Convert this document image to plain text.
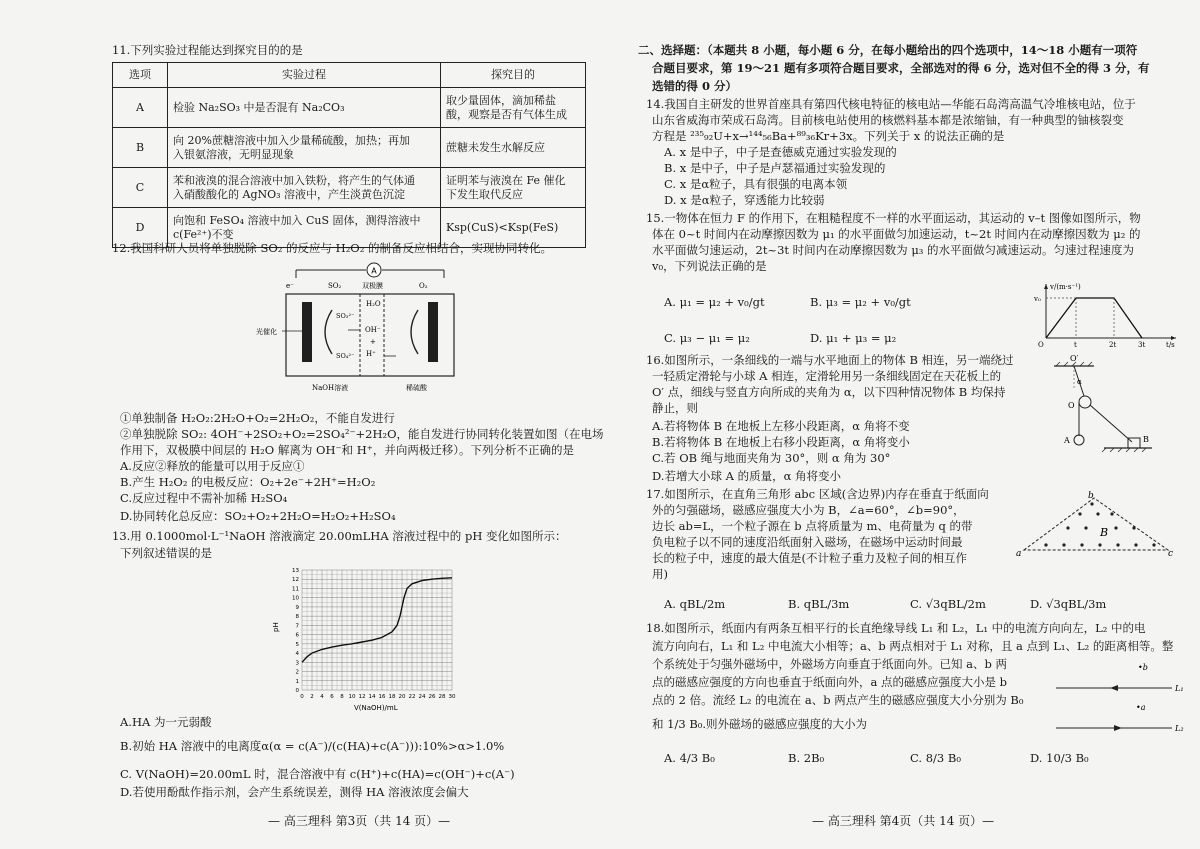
11.下列实验过程能达到探究目的的是
选项	实验过程	探究目的
A	检验 Na₂SO₃ 中是否混有 Na₂CO₃	取少量固体，滴加稀盐
酸，观察是否有气体生成
B	向 20%蔗糖溶液中加入少量稀硫酸，加热；再加
入银氨溶液，无明显现象	蔗糖未发生水解反应
C	苯和液溴的混合溶液中加入铁粉，将产生的气体通
入硝酸酸化的 AgNO₃ 溶液中，产生淡黄色沉淀	证明苯与液溴在 Fe 催化
下发生取代反应
D	向饱和 FeSO₄ 溶液中加入 CuS 固体，测得溶液中
c(Fe²⁺)不变	Ksp(CuS)<Ksp(FeS)
12.我国科研人员将单独脱除 SO₂ 的反应与 H₂O₂ 的制备反应相结合，实现协同转化。
A
e⁻	SO₂	O₂
双极膜
SO₃²⁻
SO₄²⁻
H₂O
OH⁻
+
H⁺
光催化
NaOH溶液	稀硫酸
①单独制备 H₂O₂:2H₂O+O₂=2H₂O₂，不能自发进行
②单独脱除 SO₂: 4OH⁻+2SO₂+O₂=2SO₄²⁻+2H₂O，能自发进行协同转化装置如图（在电场
作用下，双极膜中间层的 H₂O 解离为 OH⁻和 H⁺，并向两极迁移）。下列分析不正确的是
A.反应②释放的能量可以用于反应①
B.产生 H₂O₂ 的电极反应：O₂+2e⁻+2H⁺=H₂O₂
C.反应过程中不需补加稀 H₂SO₄
D.协同转化总反应：SO₂+O₂+2H₂O=H₂O₂+H₂SO₄
13.用 0.1000mol·L⁻¹NaOH 溶液滴定 20.00mLHA 溶液过程中的 pH 变化如图所示：
下列叙述错误的是
0 2 4 6 8 10 12 14 16 18 20 22 24 26 28 30
0
1
2
3
4
5
6
7
8
9
10
11
12
13
pH
V(NaOH)/mL
A.HA 为一元弱酸
B.初始 HA 溶液中的电离度α(α = c(A⁻)/(c(HA)+c(A⁻))):10%>α>1.0%
C. V(NaOH)=20.00mL 时，混合溶液中有 c(H⁺)+c(HA)=c(OH⁻)+c(A⁻)
D.若使用酚酞作指示剂，会产生系统误差，测得 HA 溶液浓度会偏大
— 高三理科 第3页（共 14 页）—
二、选择题：（本题共 8 小题，每小题 6 分，在每小题给出的四个选项中，14～18 小题有一项符
合题目要求，第 19～21 题有多项符合题目要求，全部选对的得 6 分，选对但不全的得 3 分，有
选错的得 0 分）
14.我国自主研发的世界首座具有第四代核电特征的核电站—华能石岛湾高温气冷堆核电站，位于
山东省威海市荣成石岛湾。目前核电站使用的核燃料基本都是浓缩铀，有一种典型的铀核裂变
方程是 ²³⁵₉₂U+x→¹⁴⁴₅₆Ba+⁸⁹₃₆Kr+3x。下列关于 x 的说法正确的是
A. x 是中子，中子是查德威克通过实验发现的
B. x 是中子，中子是卢瑟福通过实验发现的
C. x 是α粒子，具有很强的电离本领
D. x 是α粒子，穿透能力比较弱
15.一物体在恒力 F 的作用下，在粗糙程度不一样的水平面运动，其运动的 v–t 图像如图所示，物
体在 0~t 时间内在动摩擦因数为 μ₁ 的水平面做匀加速运动，t~2t 时间内在动摩擦因数为 μ₂ 的
水平面做匀速运动，2t~3t 时间内在动摩擦因数为 μ₃ 的水平面做匀减速运动。匀速过程速度为
v₀，下列说法正确的是
A. μ₁ = μ₂ + v₀/gt	B. μ₃ = μ₂ + v₀/gt
C. μ₃ − μ₁ = μ₂	D. μ₁ + μ₃ = μ₂
v/(m·s⁻¹)
v₀
O	t	2t	3t	t/s
16.如图所示，一条细线的一端与水平地面上的物体 B 相连，另一端绕过
一轻质定滑轮与小球 A 相连，定滑轮用另一条细线固定在天花板上的
O′ 点，细线与竖直方向所成的夹角为 α，以下四种情况物体 B 均保持
静止，则
A.若将物体 B 在地板上左移小段距离，α 角将不变
B.若将物体 B 在地板上右移小段距离，α 角将变小
C.若 OB 绳与地面夹角为 30°，则 α 角为 30°
D.若增大小球 A 的质量，α 角将变小
O′
α
O
A	B
17.如图所示，在直角三角形 abc 区域(含边界)内存在垂直于纸面向
外的匀强磁场，磁感应强度大小为 B，∠a=60°，∠b=90°，
边长 ab=L，一个粒子源在 b 点将质量为 m、电荷量为 q 的带
负电粒子以不同的速度沿纸面射入磁场，在磁场中运动时间最
长的粒子中，速度的最大值是(不计粒子重力及粒子间的相互作
用)
A. qBL/2m	B. qBL/3m	C. √3qBL/2m	D. √3qBL/3m
b
a	c
B
18.如图所示，纸面内有两条互相平行的长直绝缘导线 L₁ 和 L₂，L₁ 中的电流方向向左，L₂ 中的电
流方向向右，L₁ 和 L₂ 中电流大小相等；a、b 两点相对于 L₁ 对称，且 a 点到 L₁、L₂ 的距离相等。整
个系统处于匀强外磁场中，外磁场方向垂直于纸面向外。已知 a、b 两
点的磁感应强度的方向也垂直于纸面向外，a 点的磁感应强度大小是 b
点的 2 倍。流经 L₂ 的电流在 a、b 两点产生的磁感应强度大小分别为 B₀
和 1/3 B₀.则外磁场的磁感应强度的大小为
A. 4/3 B₀	B. 2B₀	C. 8/3 B₀	D. 10/3 B₀
•b
•a
L₁
L₂
— 高三理科 第4页（共 14 页）—
